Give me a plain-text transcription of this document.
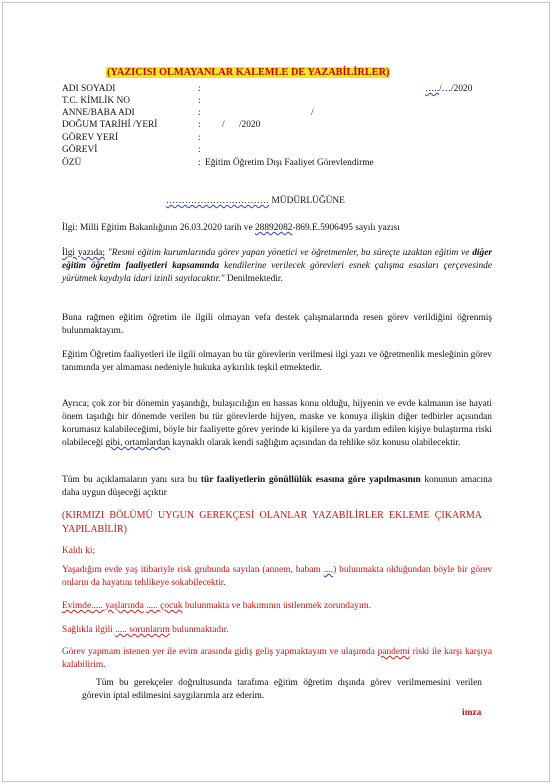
(YAZICISI OLMAYANLAR KALEMLE DE YAZABİLİRLER)
…../…/2020
ADI SOYADI	:
T.C. KİMLİK NO	:
ANNE/BABA ADI	:	/
DOĞUM TARİHİ /YERİ	: / /2020
GÖREV YERİ	:
GÖREVİ	:
ÖZÜ	: Eğitim Öğretim Dışı Faaliyet Görevlendirme
…………………………… MÜDÜRLÜĞÜNE
İlgi: Milli Eğitim Bakanlığının 26.03.2020 tarih ve 28892082-869.E.5906495 sayılı yazısı
İlgi yazıda; "Resmi eğitim kurumlarında görev yapan yönetici ve öğretmenler, bu süreçte uzaktan eğitim ve diğer eğitim öğretim faaliyetleri kapsamında kendilerine verilecek görevleri esnek çalışma esasları çerçevesinde yürütmek kaydıyla idari izinli sayılacaktır." Denilmektedir.
Buna rağmen eğitim öğretim ile ilgili olmayan vefa destek çalışmalarında resen görev verildiğini öğrenmiş bulunmaktayım.
Eğitim Öğretim faaliyetleri ile ilgili olmayan bu tür görevlerin verilmesi ilgi yazı ve öğretmenlik mesleğinin görev tanımında yer almaması nedeniyle hukuka aykırılık teşkil etmektedir.
Ayrıca; çok zor bir dönemin yaşandığı, bulaşıcılığın en hassas konu olduğu, hijyenin ve evde kalmanın ise hayati önem taşıdığı bir dönemde verilen bu tür görevlerde hijyen, maske ve konuya ilişkin diğer tedbirler açısından korumasız kalabileceğimi, böyle bir faaliyette görev yerinde ki kişilere ya da yardım edilen kişiye bulaştırma riski olabileceği gibi, ortamlardan kaynaklı olarak kendi sağlığım açısından da tehlike söz konusu olabilecektir.
Tüm bu açıklamaların yanı sıra bu tür faaliyetlerin gönüllülük esasına göre yapılmasının konunun amacına daha uygun düşeceği açıktır
(KIRMIZI BÖLÜMÜ UYGUN GEREKÇESİ OLANLAR YAZABİLİRLER EKLEME ÇIKARMA YAPILABİLİR)
Kaldı ki;
Yaşadığım evde yaş itibariyle risk grubunda sayılan (annem, babam ....) bulunmakta olduğundan böyle bir görev onların da hayatını tehlikeye sokabilecektir.
Evimde..... yaşlarında ..... çocuk bulunmakta ve bakımının üstlenmek zorundayım.
Sağlıkla ilgili ..... sorunlarım bulunmaktadır.
Görev yapmam istenen yer ile evim arasında gidiş geliş yapmaktayım ve ulaşımda pandemi riski ile karşı karşıya kalabilirim.
Tüm bu gerekçeler doğrultusunda tarafıma eğitim öğretim dışında görev verilmemesini verilen görevin iptal edilmesini saygılarımla arz ederim.
imza
